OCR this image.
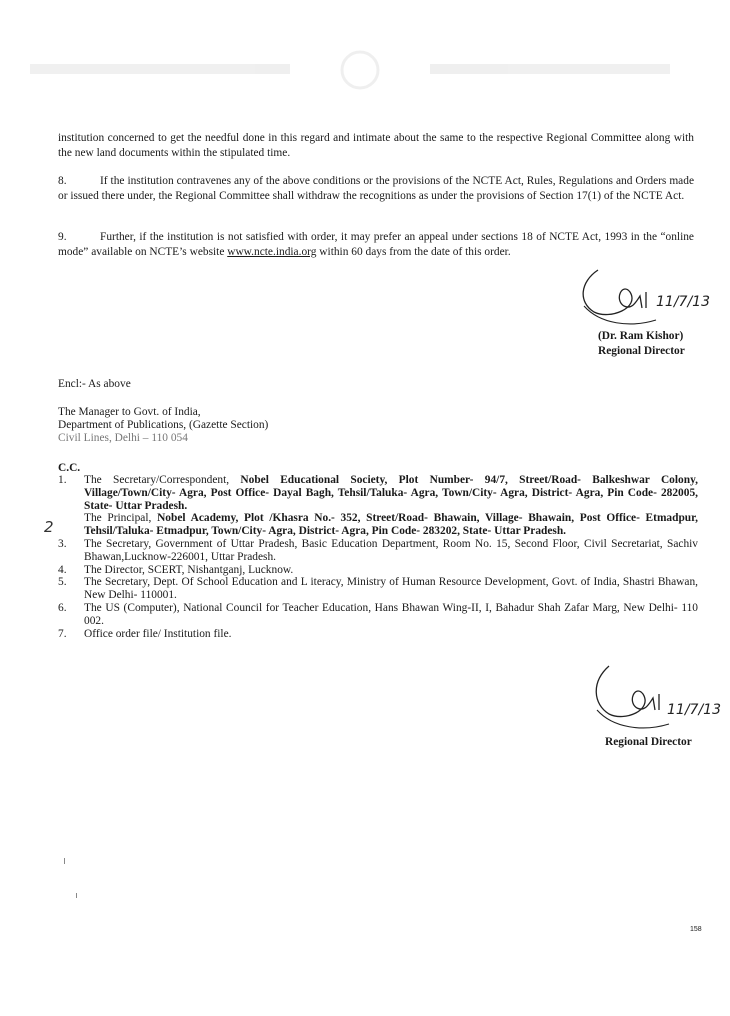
institution concerned to get the needful done in this regard and intimate about the same to the respective Regional Committee along with the new land documents within the stipulated time.
8.	If the institution contravenes any of the above conditions or the provisions of the NCTE Act, Rules, Regulations and Orders made or issued there under, the Regional Committee shall withdraw the recognitions as under the provisions of Section 17(1) of the NCTE Act.
9.	Further, if the institution is not satisfied with order, it may prefer an appeal under sections 18 of NCTE Act, 1993 in the “online mode” available on NCTE’s website www.ncte.india.org within 60 days from the date of this order.
11/7/13
(Dr. Ram Kishor)
Regional Director
Encl:- As above
The Manager to Govt. of India,
Department of Publications, (Gazette Section)
Civil Lines, Delhi – 110 054
C.C.
2
1.	The Secretary/Correspondent, Nobel Educational Society, Plot Number- 94/7, Street/Road- Balkeshwar Colony, Village/Town/City- Agra, Post Office- Dayal Bagh, Tehsil/Taluka- Agra, Town/City- Agra, District- Agra, Pin Code- 282005, State- Uttar Pradesh.
The Principal, Nobel Academy, Plot /Khasra No.- 352, Street/Road- Bhawain, Village- Bhawain, Post Office- Etmadpur, Tehsil/Taluka- Etmadpur, Town/City- Agra, District- Agra, Pin Code- 283202, State- Uttar Pradesh.
3.	The Secretary, Government of Uttar Pradesh, Basic Education Department, Room No. 15, Second Floor, Civil Secretariat, Sachiv Bhawan,Lucknow-226001, Uttar Pradesh.
4.	The Director, SCERT, Nishantganj, Lucknow.
5.	The Secretary, Dept. Of School Education and L iteracy, Ministry of Human Resource Development, Govt. of India, Shastri Bhawan, New Delhi- 110001.
6.	The US (Computer), National Council for Teacher Education, Hans Bhawan Wing-II, I, Bahadur Shah Zafar Marg, New Delhi- 110 002.
7.	Office order file/ Institution file.
11/7/13
Regional Director
158
